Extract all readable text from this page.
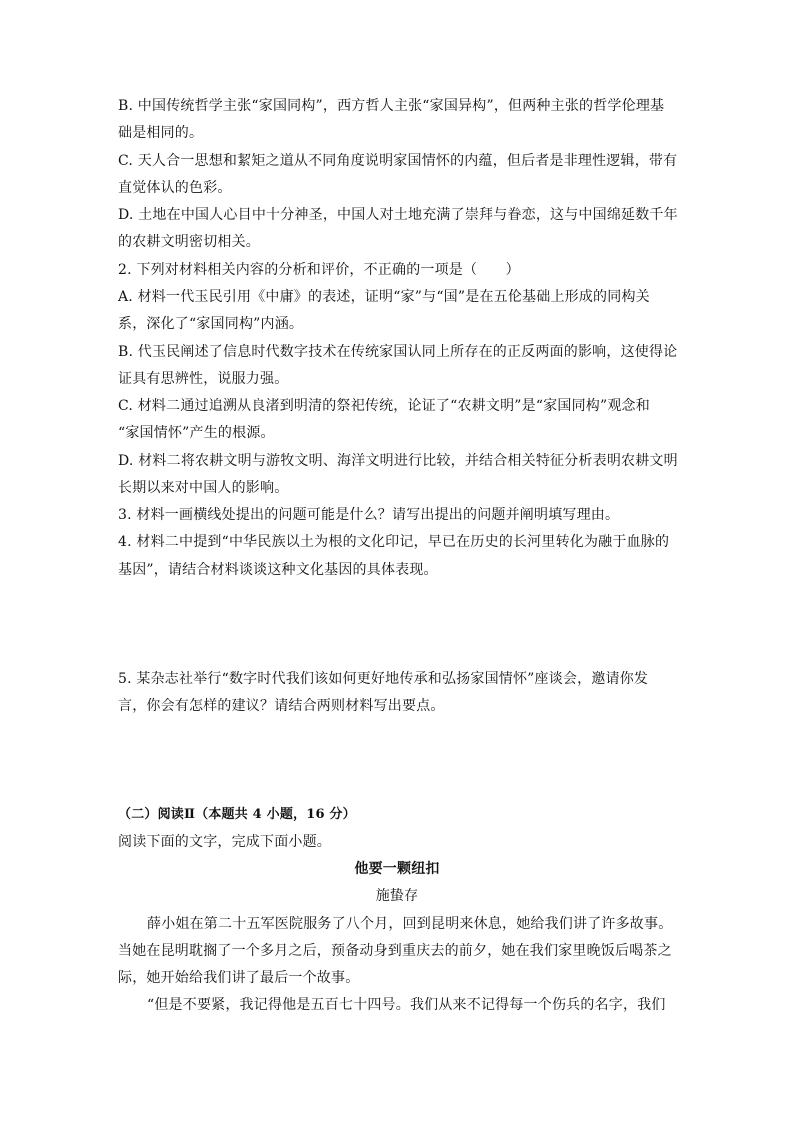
B. 中国传统哲学主张“家国同构”，西方哲人主张“家国异构”，但两种主张的哲学伦理基
础是相同的。
C. 天人合一思想和絜矩之道从不同角度说明家国情怀的内蕴，但后者是非理性逻辑，带有
直觉体认的色彩。
D. 土地在中国人心目中十分神圣，中国人对土地充满了崇拜与眷恋，这与中国绵延数千年
的农耕文明密切相关。
2. 下列对材料相关内容的分析和评价，不正确的一项是（　　）
A. 材料一代玉民引用《中庸》的表述，证明“家”与“国”是在五伦基础上形成的同构关
系，深化了“家国同构”内涵。
B. 代玉民阐述了信息时代数字技术在传统家国认同上所存在的正反两面的影响，这使得论
证具有思辨性，说服力强。
C. 材料二通过追溯从良渚到明清的祭祀传统，论证了“农耕文明”是“家国同构”观念和
“家国情怀”产生的根源。
D. 材料二将农耕文明与游牧文明、海洋文明进行比较，并结合相关特征分析表明农耕文明
长期以来对中国人的影响。
3. 材料一画横线处提出的问题可能是什么？请写出提出的问题并阐明填写理由。
4. 材料二中提到“中华民族以土为根的文化印记，早已在历史的长河里转化为融于血脉的
基因”，请结合材料谈谈这种文化基因的具体表现。
5. 某杂志社举行“数字时代我们该如何更好地传承和弘扬家国情怀”座谈会，邀请你发
言，你会有怎样的建议？请结合两则材料写出要点。
（二）阅读Ⅱ（本题共 4 小题，16 分）
阅读下面的文字，完成下面小题。
他要一颗纽扣
施蛰存
薛小姐在第二十五军医院服务了八个月，回到昆明来休息，她给我们讲了许多故事。
当她在昆明耽搁了一个多月之后，预备动身到重庆去的前夕，她在我们家里晚饭后喝茶之
际，她开始给我们讲了最后一个故事。
“但是不要紧，我记得他是五百七十四号。我们从来不记得每一个伤兵的名字，我们
